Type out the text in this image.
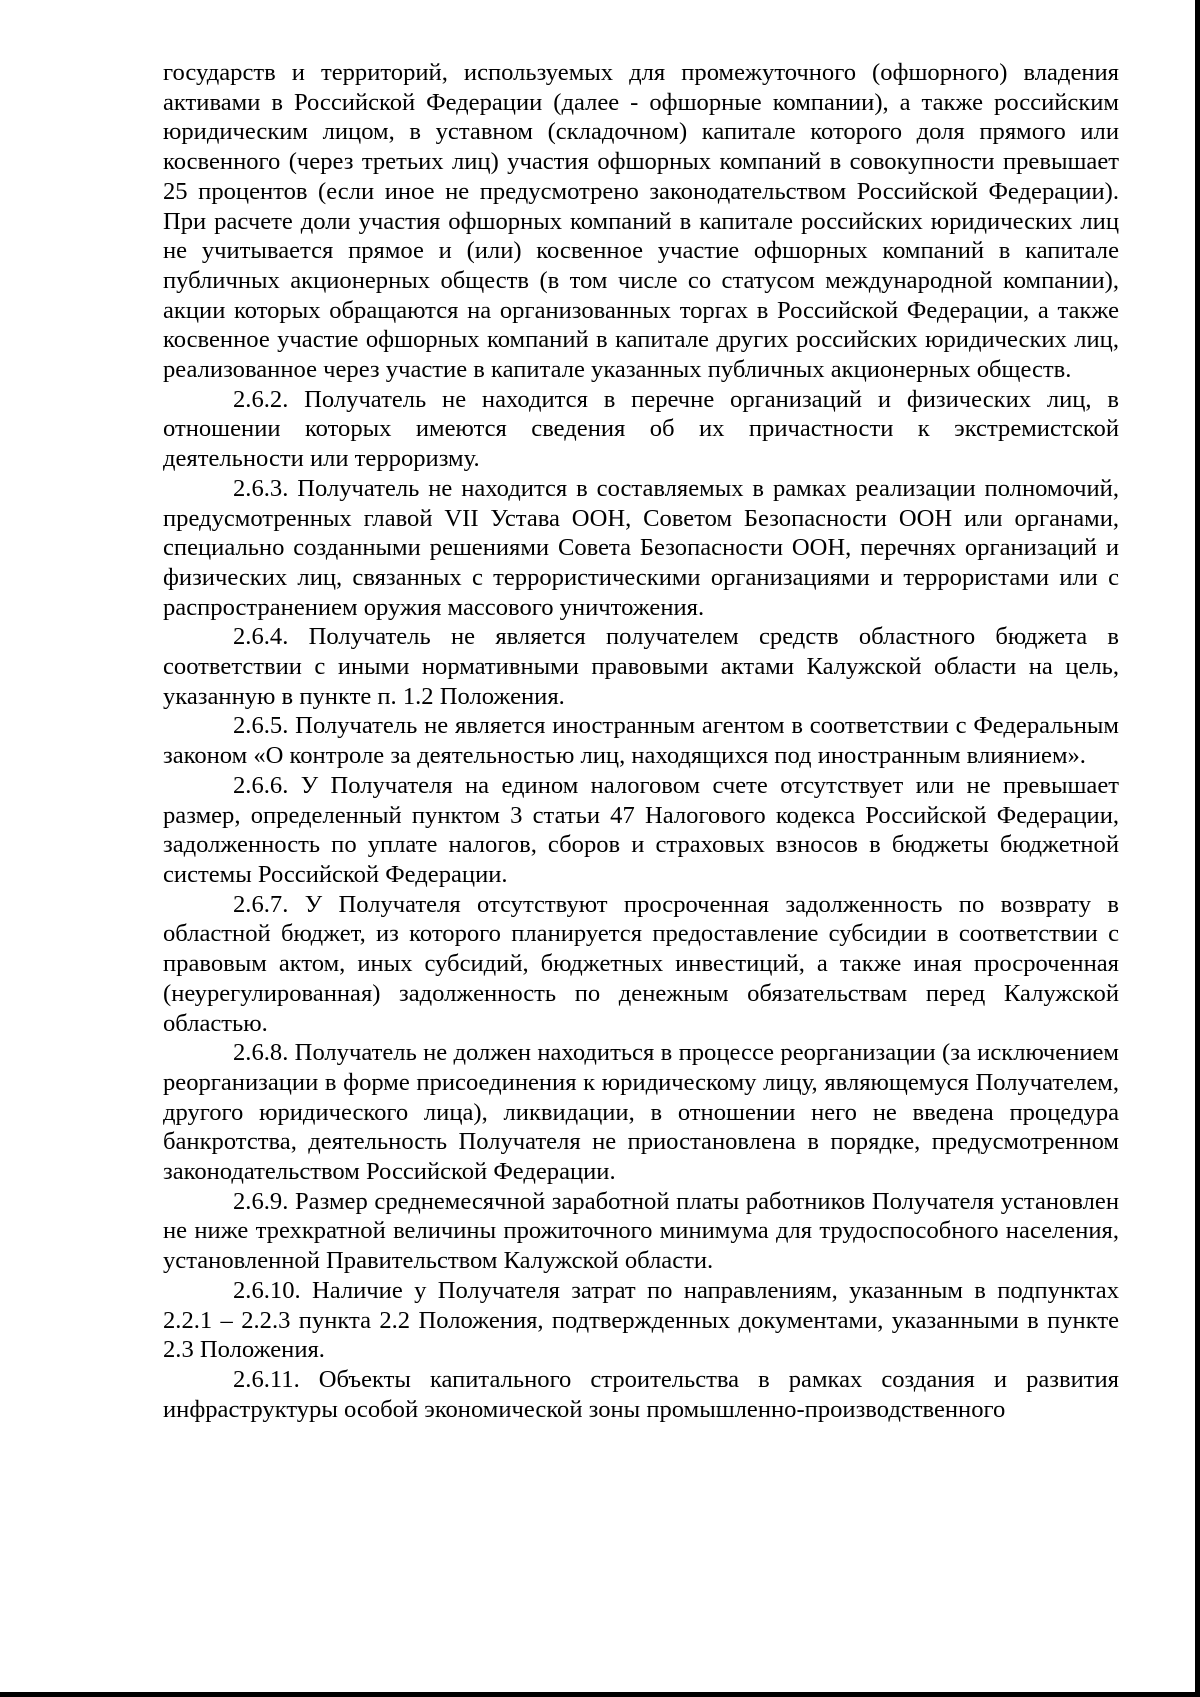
государств и территорий, используемых для промежуточного (офшорного) владения активами в Российской Федерации (далее - офшорные компании), а также российским юридическим лицом, в уставном (складочном) капитале которого доля прямого или косвенного (через третьих лиц) участия офшорных компаний в совокупности превышает 25 процентов (если иное не предусмотрено законодательством Российской Федерации). При расчете доли участия офшорных компаний в капитале российских юридических лиц не учитывается прямое и (или) косвенное участие офшорных компаний в капитале публичных акционерных обществ (в том числе со статусом международной компании), акции которых обращаются на организованных торгах в Российской Федерации, а также косвенное участие офшорных компаний в капитале других российских юридических лиц, реализованное через участие в капитале указанных публичных акционерных обществ.

2.6.2. Получатель не находится в перечне организаций и физических лиц, в отношении которых имеются сведения об их причастности к экстремистской деятельности или терроризму.

2.6.3. Получатель не находится в составляемых в рамках реализации полномочий, предусмотренных главой VII Устава ООН, Советом Безопасности ООН или органами, специально созданными решениями Совета Безопасности ООН, перечнях организаций и физических лиц, связанных с террористическими организациями и террористами или с распространением оружия массового уничтожения.

2.6.4. Получатель не является получателем средств областного бюджета в соответствии с иными нормативными правовыми актами Калужской области на цель, указанную в пункте п. 1.2 Положения.

2.6.5. Получатель не является иностранным агентом в соответствии с Федеральным законом «О контроле за деятельностью лиц, находящихся под иностранным влиянием».

2.6.6. У Получателя на едином налоговом счете отсутствует или не превышает размер, определенный пунктом 3 статьи 47 Налогового кодекса Российской Федерации, задолженность по уплате налогов, сборов и страховых взносов в бюджеты бюджетной системы Российской Федерации.

2.6.7. У Получателя отсутствуют просроченная задолженность по возврату в областной бюджет, из которого планируется предоставление субсидии в соответствии с правовым актом, иных субсидий, бюджетных инвестиций, а также иная просроченная (неурегулированная) задолженность по денежным обязательствам перед Калужской областью.

2.6.8. Получатель не должен находиться в процессе реорганизации (за исключением реорганизации в форме присоединения к юридическому лицу, являющемуся Получателем, другого юридического лица), ликвидации, в отношении него не введена процедура банкротства, деятельность Получателя не приостановлена в порядке, предусмотренном законодательством Российской Федерации.

2.6.9. Размер среднемесячной заработной платы работников Получателя установлен не ниже трехкратной величины прожиточного минимума для трудоспособного населения, установленной Правительством Калужской области.

2.6.10. Наличие у Получателя затрат по направлениям, указанным в подпунктах 2.2.1 – 2.2.3 пункта 2.2 Положения, подтвержденных документами, указанными в пункте 2.3 Положения.

2.6.11. Объекты капитального строительства в рамках создания и развития инфраструктуры особой экономической зоны промышленно-производственного
